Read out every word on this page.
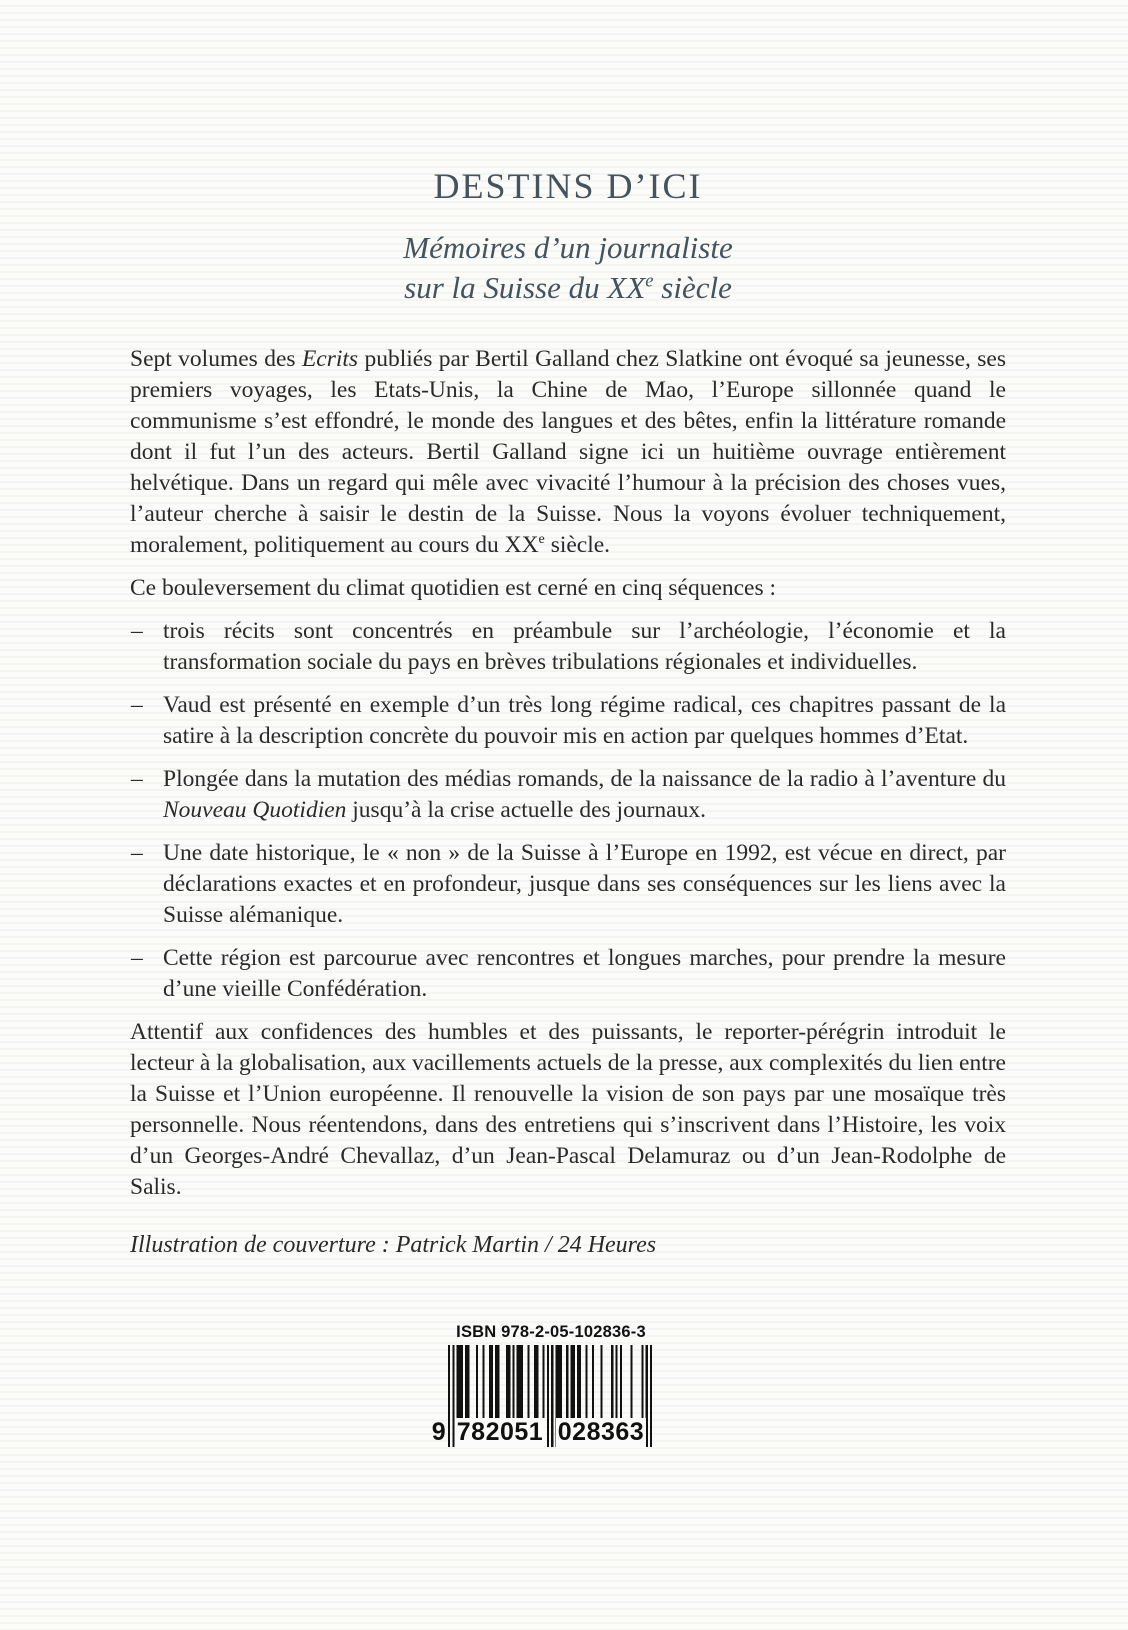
DESTINS D’ICI
Mémoires d’un journaliste
sur la Suisse du XXe siècle
Sept volumes des Ecrits publiés par Bertil Galland chez Slatkine ont évoqué sa jeunesse, ses premiers voyages, les Etats-Unis, la Chine de Mao, l’Europe sillonnée quand le communisme s’est effondré, le monde des langues et des bêtes, enfin la littérature romande dont il fut l’un des acteurs. Bertil Galland signe ici un huitième ouvrage entièrement helvétique. Dans un regard qui mêle avec vivacité l’humour à la précision des choses vues, l’auteur cherche à saisir le destin de la Suisse. Nous la voyons évoluer techniquement, moralement, politiquement au cours du XXe siècle.
Ce bouleversement du climat quotidien est cerné en cinq séquences :
– trois récits sont concentrés en préambule sur l’archéologie, l’économie et la transformation sociale du pays en brèves tribulations régionales et individuelles.
– Vaud est présenté en exemple d’un très long régime radical, ces chapitres passant de la satire à la description concrète du pouvoir mis en action par quelques hommes d’Etat.
– Plongée dans la mutation des médias romands, de la naissance de la radio à l’aventure du Nouveau Quotidien jusqu’à la crise actuelle des journaux.
– Une date historique, le « non » de la Suisse à l’Europe en 1992, est vécue en direct, par déclarations exactes et en profondeur, jusque dans ses conséquences sur les liens avec la Suisse alémanique.
– Cette région est parcourue avec rencontres et longues marches, pour prendre la mesure d’une vieille Confédération.
Attentif aux confidences des humbles et des puissants, le reporter-pérégrin introduit le lecteur à la globalisation, aux vacillements actuels de la presse, aux complexités du lien entre la Suisse et l’Union européenne. Il renouvelle la vision de son pays par une mosaïque très personnelle. Nous réentendons, dans des entretiens qui s’inscrivent dans l’Histoire, les voix d’un Georges-André Chevallaz, d’un Jean-Pascal Delamuraz ou d’un Jean-Rodolphe de Salis.
Illustration de couverture : Patrick Martin / 24 Heures
ISBN 978-2-05-102836-3
9 782051 028363
